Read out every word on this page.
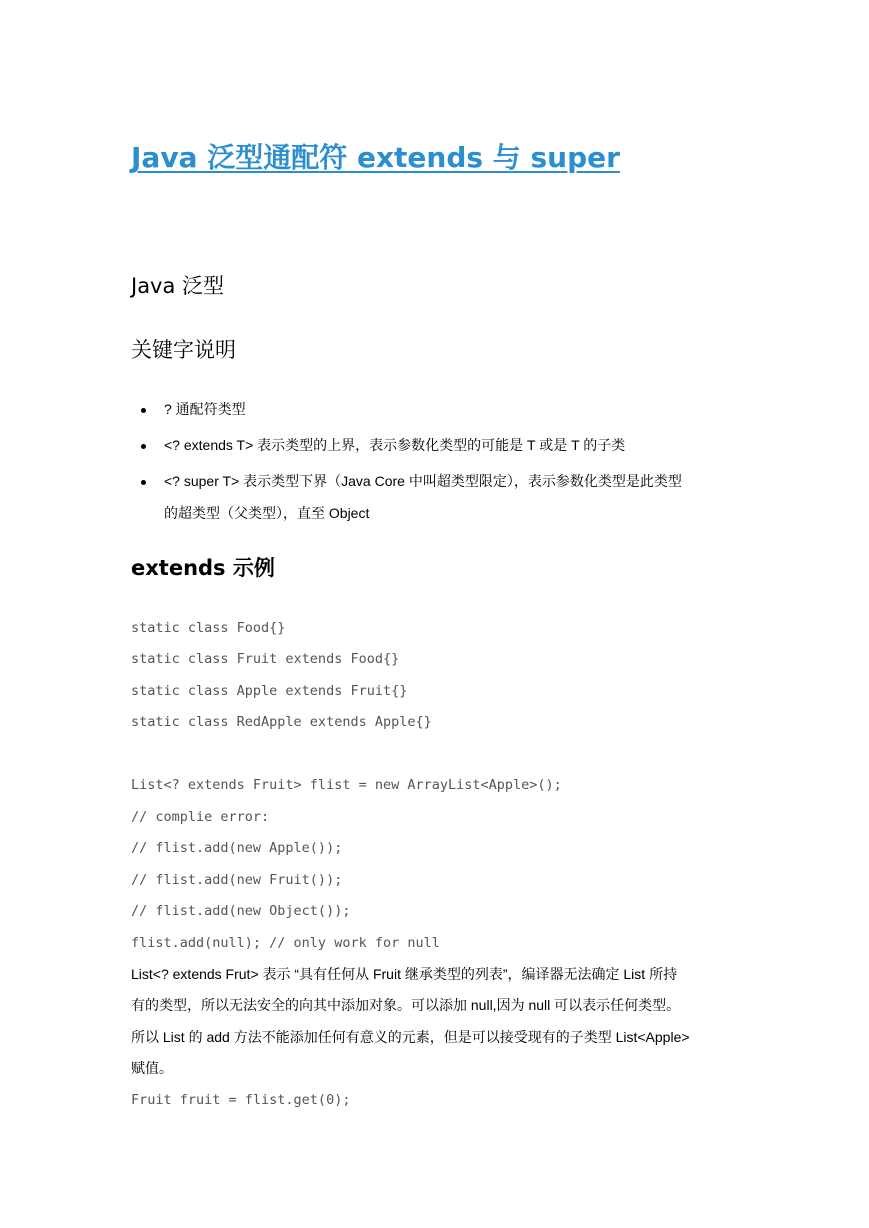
Java 泛型通配符 extends 与 super
Java 泛型
关键字说明
? 通配符类型
<? extends T> 表示类型的上界，表示参数化类型的可能是 T 或是 T 的子类
<? super T> 表示类型下界（Java Core 中叫超类型限定），表示参数化类型是此类型
的超类型（父类型），直至 Object
extends 示例
static class Food{}
static class Fruit extends Food{}
static class Apple extends Fruit{}
static class RedApple extends Apple{}
List<? extends Fruit> flist = new ArrayList<Apple>();
// complie error:
// flist.add(new Apple());
// flist.add(new Fruit());
// flist.add(new Object());
flist.add(null); // only work for null
List<? extends Frut> 表示 “具有任何从 Fruit 继承类型的列表”，编译器无法确定 List 所持
有的类型，所以无法安全的向其中添加对象。可以添加 null,因为 null 可以表示任何类型。
所以 List 的 add 方法不能添加任何有意义的元素，但是可以接受现有的子类型 List<Apple>
赋值。
Fruit fruit = flist.get(0);
